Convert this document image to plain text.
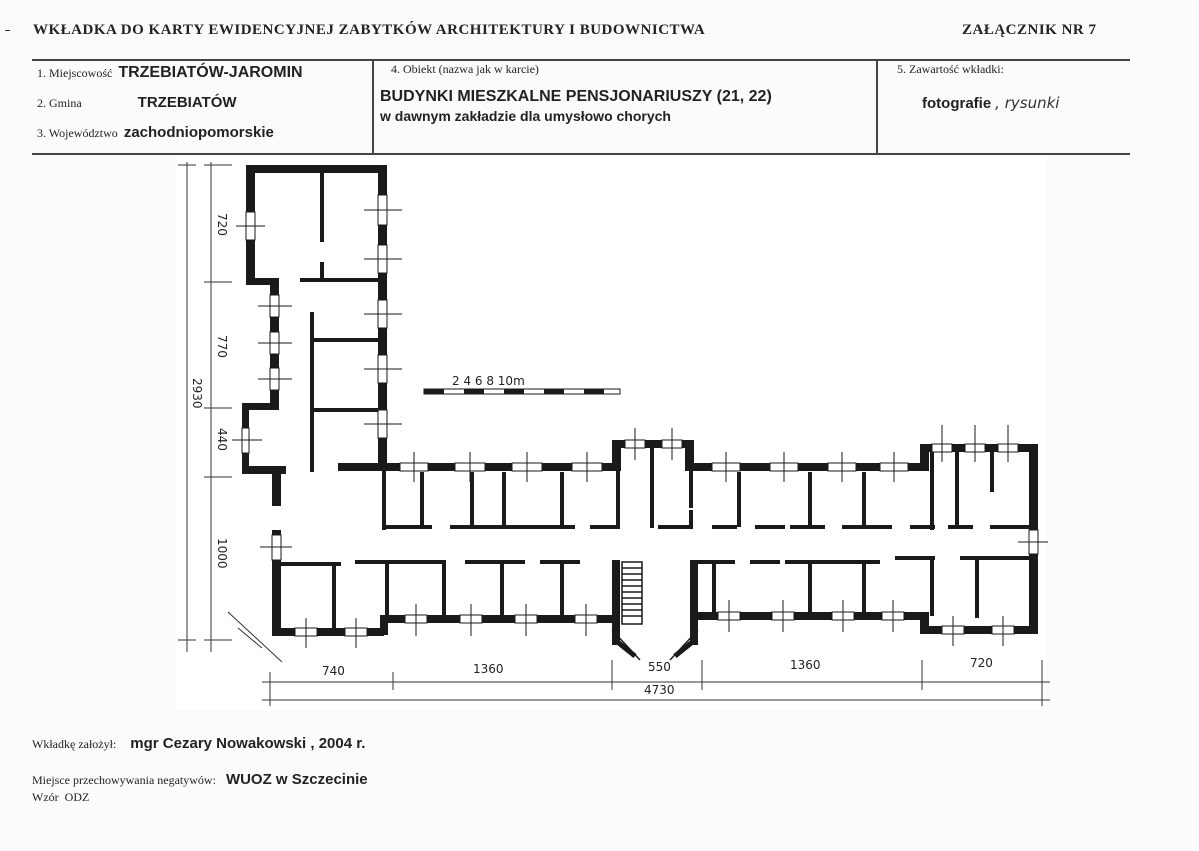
WKŁADKA DO KARTY EWIDENCYJNEJ ZABYTKÓW ARCHITEKTURY I BUDOWNICTWA	ZAŁĄCZNIK NR 7
1. Miejscowość TRZEBIATÓW-JAROMIN
2. Gmina	TRZEBIATÓW
3. Województwo zachodniopomorskie
4. Obiekt (nazwa jak w karcie)
BUDYNKI MIESZKALNE PENSJONARIUSZY (21, 22)
w dawnym zakładzie dla umysłowo chorych
5. Zawartość wkładki:
fotografie , rysunki
2 4 6 8 10m
720
770
440
1000
2930
740	1360	550	1360	720
4730
Wkładkę założył: mgr Cezary Nowakowski , 2004 r.
Miejsce przechowywania negatywów: WUOZ w Szczecinie
Wzór  ODZ
